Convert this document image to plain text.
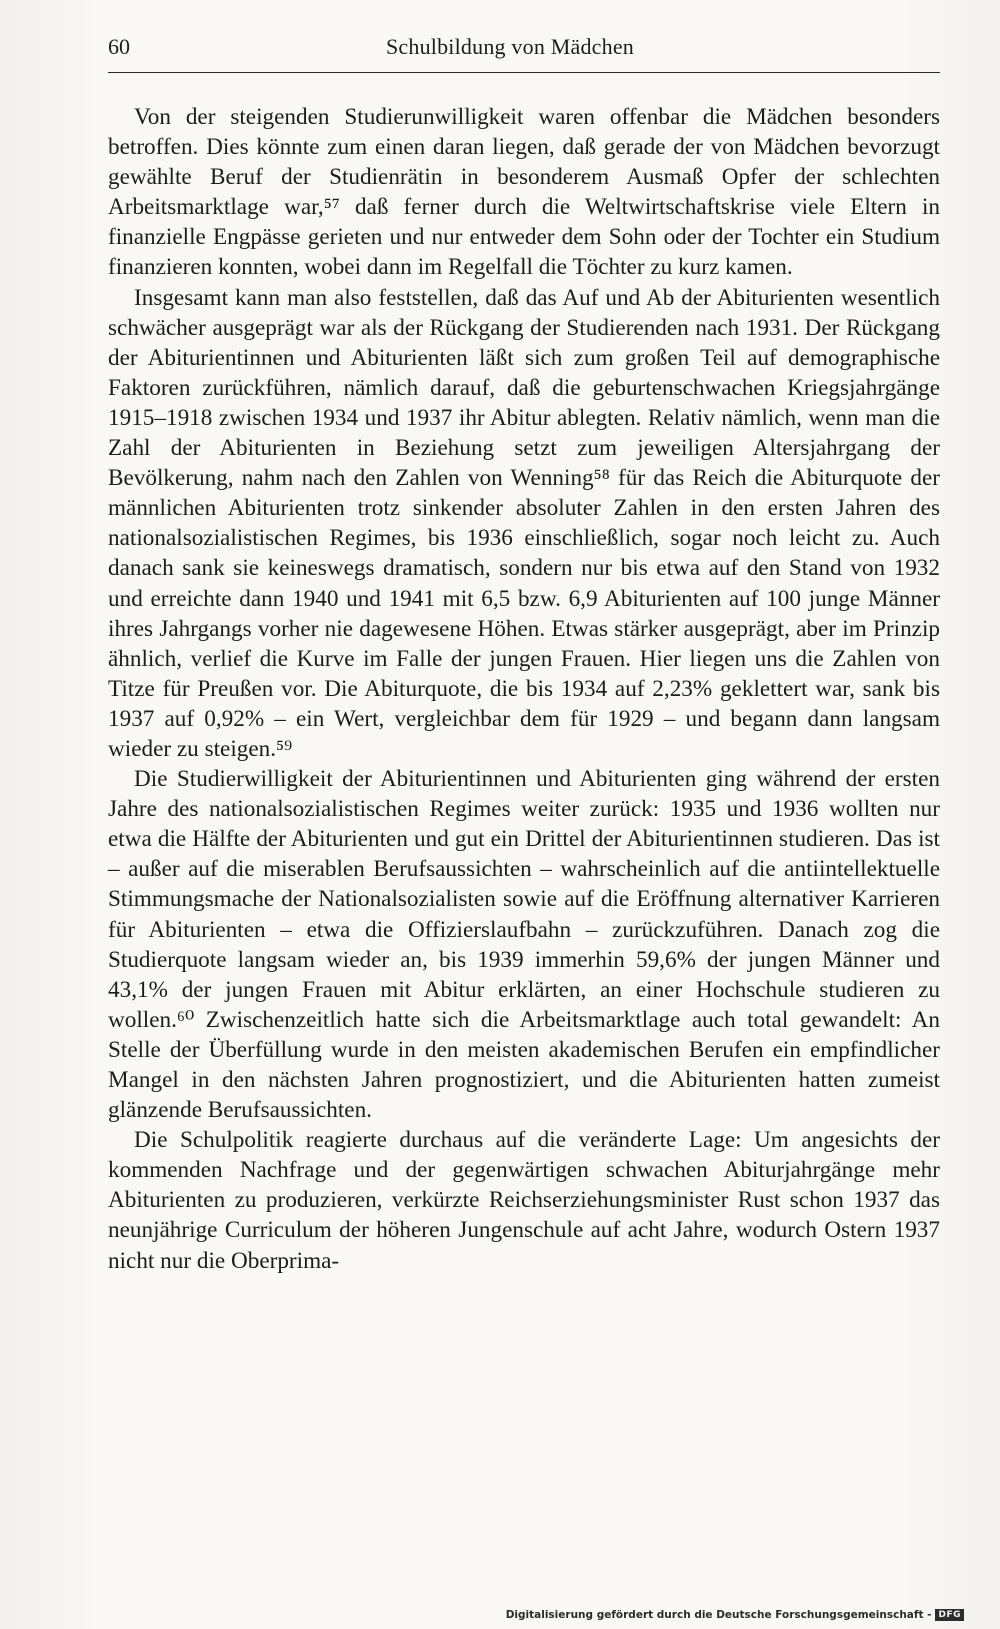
60	Schulbildung von Mädchen

Von der steigenden Studierunwilligkeit waren offenbar die Mädchen besonders betroffen. Dies könnte zum einen daran liegen, daß gerade der von Mädchen bevorzugt gewählte Beruf der Studienrätin in besonderem Ausmaß Opfer der schlechten Arbeitsmarktlage war,⁵⁷ daß ferner durch die Weltwirtschaftskrise viele Eltern in finanzielle Engpässe gerieten und nur entweder dem Sohn oder der Tochter ein Studium finanzieren konnten, wobei dann im Regelfall die Töchter zu kurz kamen.

Insgesamt kann man also feststellen, daß das Auf und Ab der Abiturienten wesentlich schwächer ausgeprägt war als der Rückgang der Studierenden nach 1931. Der Rückgang der Abiturientinnen und Abiturienten läßt sich zum großen Teil auf demographische Faktoren zurückführen, nämlich darauf, daß die geburtenschwachen Kriegsjahrgänge 1915–1918 zwischen 1934 und 1937 ihr Abitur ablegten. Relativ nämlich, wenn man die Zahl der Abiturienten in Beziehung setzt zum jeweiligen Altersjahrgang der Bevölkerung, nahm nach den Zahlen von Wenning⁵⁸ für das Reich die Abiturquote der männlichen Abiturienten trotz sinkender absoluter Zahlen in den ersten Jahren des nationalsozialistischen Regimes, bis 1936 einschließlich, sogar noch leicht zu. Auch danach sank sie keineswegs dramatisch, sondern nur bis etwa auf den Stand von 1932 und erreichte dann 1940 und 1941 mit 6,5 bzw. 6,9 Abiturienten auf 100 junge Männer ihres Jahrgangs vorher nie dagewesene Höhen. Etwas stärker ausgeprägt, aber im Prinzip ähnlich, verlief die Kurve im Falle der jungen Frauen. Hier liegen uns die Zahlen von Titze für Preußen vor. Die Abiturquote, die bis 1934 auf 2,23% geklettert war, sank bis 1937 auf 0,92% – ein Wert, vergleichbar dem für 1929 – und begann dann langsam wieder zu steigen.⁵⁹

Die Studierwilligkeit der Abiturientinnen und Abiturienten ging während der ersten Jahre des nationalsozialistischen Regimes weiter zurück: 1935 und 1936 wollten nur etwa die Hälfte der Abiturienten und gut ein Drittel der Abiturientinnen studieren. Das ist – außer auf die miserablen Berufsaussichten – wahrscheinlich auf die antiintellektuelle Stimmungsmache der Nationalsozialisten sowie auf die Eröffnung alternativer Karrieren für Abiturienten – etwa die Offizierslaufbahn – zurückzuführen. Danach zog die Studierquote langsam wieder an, bis 1939 immerhin 59,6% der jungen Männer und 43,1% der jungen Frauen mit Abitur erklärten, an einer Hochschule studieren zu wollen.⁶⁰ Zwischenzeitlich hatte sich die Arbeitsmarktlage auch total gewandelt: An Stelle der Überfüllung wurde in den meisten akademischen Berufen ein empfindlicher Mangel in den nächsten Jahren prognostiziert, und die Abiturienten hatten zumeist glänzende Berufsaussichten.

Die Schulpolitik reagierte durchaus auf die veränderte Lage: Um angesichts der kommenden Nachfrage und der gegenwärtigen schwachen Abiturjahrgänge mehr Abiturienten zu produzieren, verkürzte Reichserziehungsminister Rust schon 1937 das neunjährige Curriculum der höheren Jungenschule auf acht Jahre, wodurch Ostern 1937 nicht nur die Oberprima-

Digitalisierung gefördert durch die Deutsche Forschungsgemeinschaft - DFG
